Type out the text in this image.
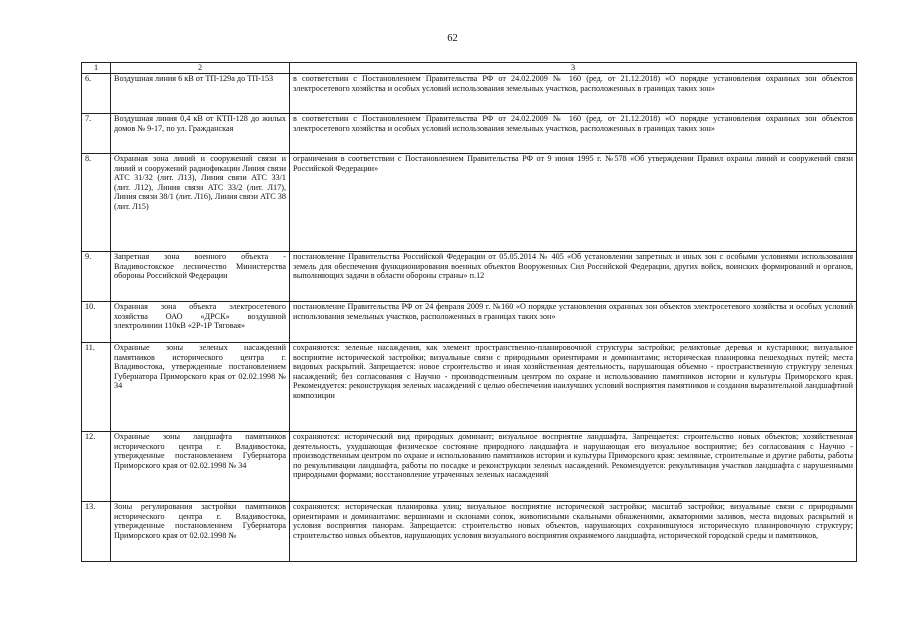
62
1	2	3
6.	Воздушная линия 6 кВ от ТП-129а до ТП-153	в соответствии с Постановлением Правительства РФ от 24.02.2009 № 160 (ред. от 21.12.2018) «О порядке установления охранных зон объектов электросетевого хозяйства и особых условий использования земельных участков, расположенных в границах таких зон»
7.	Воздушная линия 0,4 кВ от КТП-128 до жилых домов № 9-17, по ул. Гражданская	в соответствии с Постановлением Правительства РФ от 24.02.2009 № 160 (ред. от 21.12.2018) «О порядке установления охранных зон объектов электросетевого хозяйства и особых условий использования земельных участков, расположенных в границах таких зон»
8.	Охранная зона линий и сооружений связи и линий и сооружений радиофикации Линия связи АТС 31/32 (лит. Л13), Линия связи АТС 33/1 (лит. Л12), Линия связи АТС 33/2 (лит. Л17), Линия связи 38/1 (лит. Л16), Линия связи АТС 38 (лит. Л15)	ограничения в соответствии с Постановлением Правительства РФ от 9 июня 1995 г. №578 «Об утверждении Правил охраны линий и сооружений связи Российской Федерации»
9.	Запретная зона военного объекта - Владивостокское лесничество Министерства обороны Российской Федерации	постановление Правительства Российской Федерации от 05.05.2014 № 405 «Об установлении запретных и иных зон с особыми условиями использования земель для обеспечения функционирования военных объектов Вооруженных Сил Российской Федерации, других войск, воинских формирований и органов, выполняющих задачи в области обороны страны» п.12
10.	Охранная зона объекта электросетевого хозяйства ОАО «ДРСК» воздушной электролинии 110кВ «2Р-1Р Тяговая»	постановление Правительства РФ от 24 февраля 2009 г. №160 «О порядке установления охранных зон объектов электросетевого хозяйства и особых условий использования земельных участков, расположенных в границах таких зон»
11.	Охранные зоны зеленых насаждений памятников исторического центра г. Владивостока, утвержденные постановлением Губернатора Приморского края от 02.02.1998 № 34	сохраняются: зеленые насаждения, как элемент пространственно-планировочной структуры застройки; реликтовые деревья и кустарники; визуальное восприятие исторической застройки; визуальные связи с природными ориентирами и доминантами; историческая планировка пешеходных путей; места видовых раскрытий. Запрещается: новое строительство и иная хозяйственная деятельность, нарушающая объемно - пространственную структуру зеленых насаждений; без согласования с Научно - производственным центром по охране и использованию памятников истории и культуры Приморского края. Рекомендуется: реконструкция зеленых насаждений с целью обеспечения наилучших условий восприятия памятников и создания выразительной ландшафтной композиции
12.	Охранные зоны ландшафта памятников исторического центра г. Владивостока, утвержденные постановлением Губернатора Приморского края от 02.02.1998 № 34	сохраняются: исторический вид природных доминант; визуальное восприятие ландшафта. Запрещается: строительство новых объектов; хозяйственная деятельность, ухудшающая физическое состояние природного ландшафта и нарушающая его визуальное восприятие; без согласования с Научно - производственным центром по охране и использованию памятников истории и культуры Приморского края: земляные, строительные и другие работы, работы по рекультивации ландшафта, работы по посадке и реконструкции зеленых насаждений. Рекомендуется: рекультивация участков ландшафта с нарушенными природными формами; восстановление утраченных зеленых насаждений
13.	Зоны регулирования застройки памятников исторического центра г. Владивостока, утвержденные постановлением Губернатора Приморского края от 02.02.1998 №	сохраняются: историческая планировка улиц; визуальное восприятие исторической застройки; масштаб застройки; визуальные связи с природными ориентирами и доминантами: вершинами и склонами сопок, живописными скальными обнажениями, акваториями заливов, места видовых раскрытий и условия восприятия панорам. Запрещается: строительство новых объектов, нарушающих сохранившуюся историческую планировочную структуру; строительство новых объектов, нарушающих условия визуального восприятия охраняемого ландшафта, исторической городской среды и памятников,
